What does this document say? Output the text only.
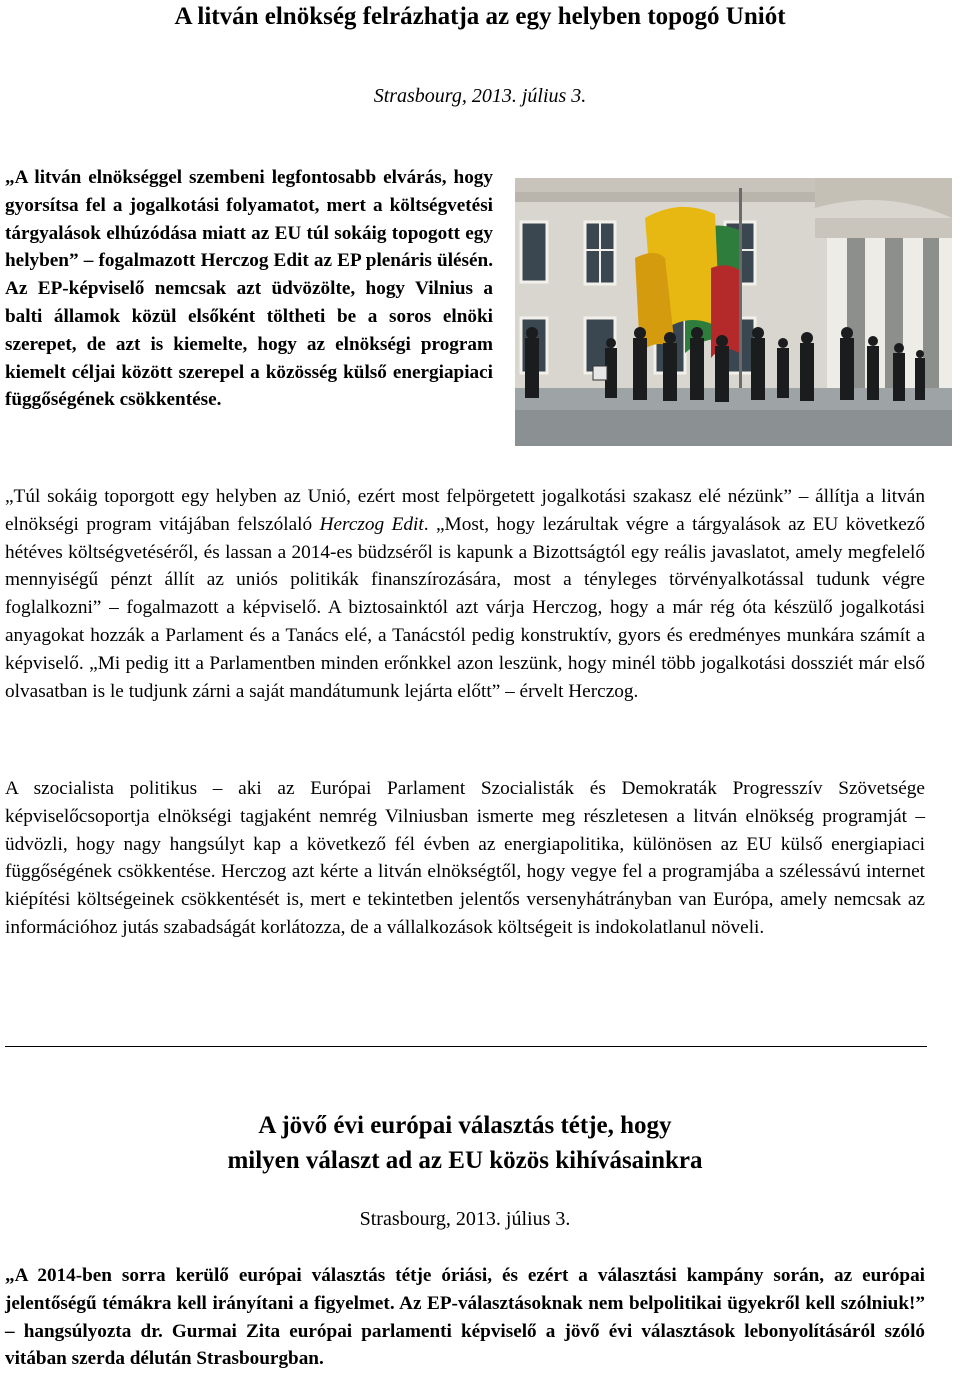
A litván elnökség felrázhatja az egy helyben topogó Uniót

Strasbourg, 2013. július 3.

„A litván elnökséggel szembeni legfontosabb elvárás, hogy gyorsítsa fel a jogalkotási folyamatot, mert a költségvetési tárgyalások elhúzódása miatt az EU túl sokáig topogott egy helyben” – fogalmazott Herczog Edit az EP plenáris ülésén. Az EP-képviselő nemcsak azt üdvözölte, hogy Vilnius a balti államok közül elsőként töltheti be a soros elnöki szerepet, de azt is kiemelte, hogy az elnökségi program kiemelt céljai között szerepel a közösség külső energiapiaci függőségének csökkentése.

„Túl sokáig toporgott egy helyben az Unió, ezért most felpörgetett jogalkotási szakasz elé nézünk” – állítja a litván elnökségi program vitájában felszólaló Herczog Edit. „Most, hogy lezárultak végre a tárgyalások az EU következő hétéves költségvetéséről, és lassan a 2014-es büdzséről is kapunk a Bizottságtól egy reális javaslatot, amely megfelelő mennyiségű pénzt állít az uniós politikák finanszírozására, most a tényleges törvényalkotással tudunk végre foglalkozni” – fogalmazott a képviselő. A biztosainktól azt várja Herczog, hogy a már rég óta készülő jogalkotási anyagokat hozzák a Parlament és a Tanács elé, a Tanácstól pedig konstruktív, gyors és eredményes munkára számít a képviselő. „Mi pedig itt a Parlamentben minden erőnkkel azon leszünk, hogy minél több jogalkotási dossziét már első olvasatban is le tudjunk zárni a saját mandátumunk lejárta előtt” – érvelt Herczog.

A szocialista politikus – aki az Európai Parlament Szocialisták és Demokraták Progresszív Szövetsége képviselőcsoportja elnökségi tagjaként nemrég Vilniusban ismerte meg részletesen a litván elnökség programját – üdvözli, hogy nagy hangsúlyt kap a következő fél évben az energiapolitika, különösen az EU külső energiapiaci függőségének csökkentése. Herczog azt kérte a litván elnökségtől, hogy vegye fel a programjába a szélessávú internet kiépítési költségeinek csökkentését is, mert e tekintetben jelentős versenyhátrányban van Európa, amely nemcsak az információhoz jutás szabadságát korlátozza, de a vállalkozások költségeit is indokolatlanul növeli.

A jövő évi európai választás tétje, hogy
milyen választ ad az EU közös kihívásainkra

Strasbourg, 2013. július 3.

„A 2014-ben sorra kerülő európai választás tétje óriási, és ezért a választási kampány során, az európai jelentőségű témákra kell irányítani a figyelmet. Az EP-választásoknak nem belpolitikai ügyekről kell szólniuk!” – hangsúlyozta dr. Gurmai Zita európai parlamenti képviselő a jövő évi választások lebonyolításáról szóló vitában szerda délután Strasbourgban.
